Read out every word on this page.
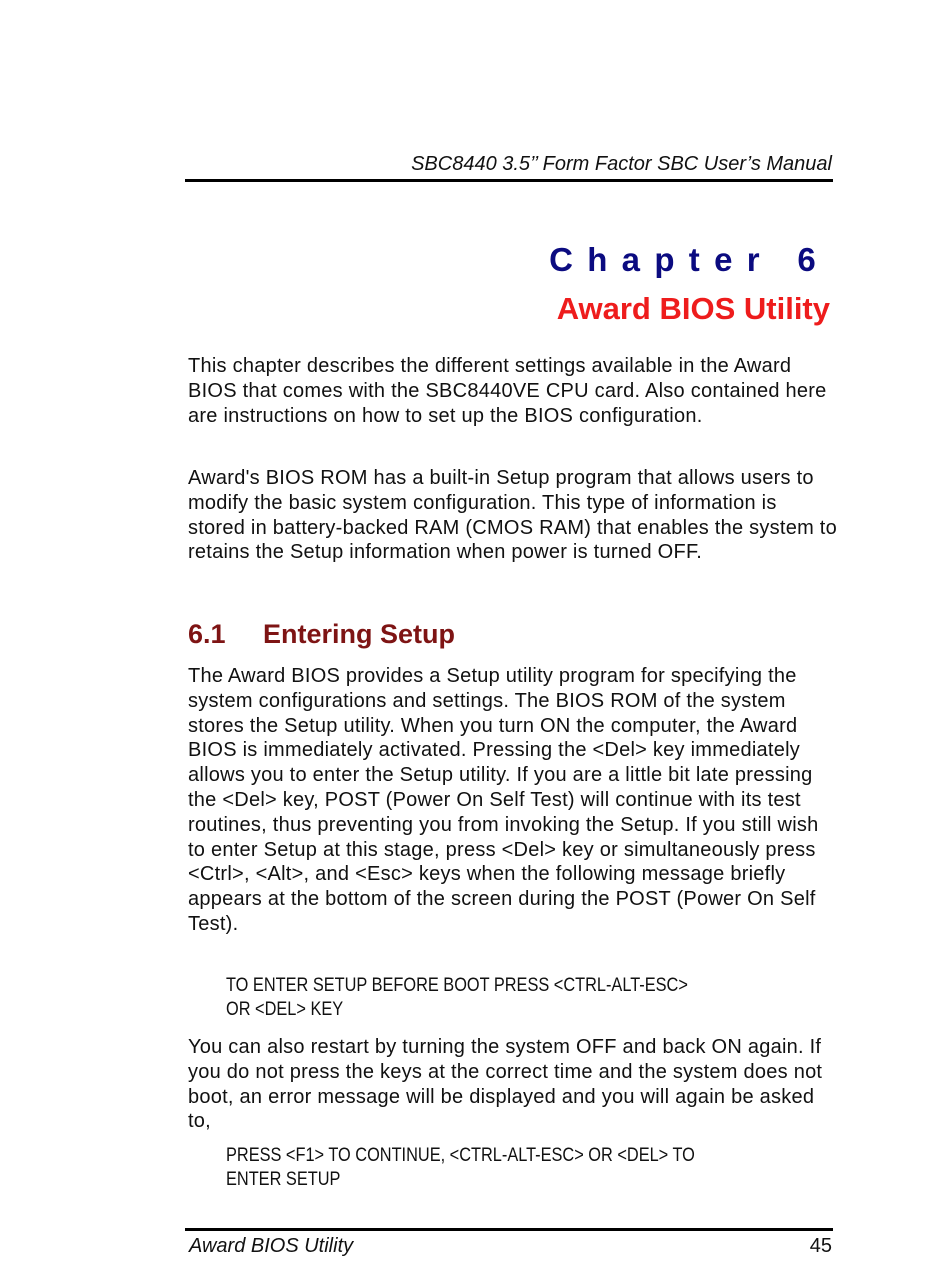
SBC8440 3.5’’ Form Factor SBC User’s Manual
Chapter 6
Award BIOS Utility

This chapter describes the different settings available in the Award BIOS that comes with the SBC8440VE CPU card. Also contained here are instructions on how to set up the BIOS configuration.

Award's BIOS ROM has a built-in Setup program that allows users to modify the basic system configuration. This type of information is stored in battery-backed RAM (CMOS RAM) that enables the system to retains the Setup information when power is turned OFF.

6.1 Entering Setup

The Award BIOS provides a Setup utility program for specifying the system configurations and settings. The BIOS ROM of the system stores the Setup utility. When you turn ON the computer, the Award BIOS is immediately activated. Pressing the <Del> key immediately allows you to enter the Setup utility. If you are a little bit late pressing the <Del> key, POST (Power On Self Test) will continue with its test routines, thus preventing you from invoking the Setup. If you still wish to enter Setup at this stage, press <Del> key or simultaneously press <Ctrl>, <Alt>, and <Esc> keys when the following message briefly appears at the bottom of the screen during the POST (Power On Self Test).

TO ENTER SETUP BEFORE BOOT PRESS <CTRL-ALT-ESC>
OR <DEL> KEY

You can also restart by turning the system OFF and back ON again. If you do not press the keys at the correct time and the system does not boot, an error message will be displayed and you will again be asked to,

PRESS <F1> TO CONTINUE, <CTRL-ALT-ESC> OR <DEL> TO
ENTER SETUP

Award BIOS Utility	45
